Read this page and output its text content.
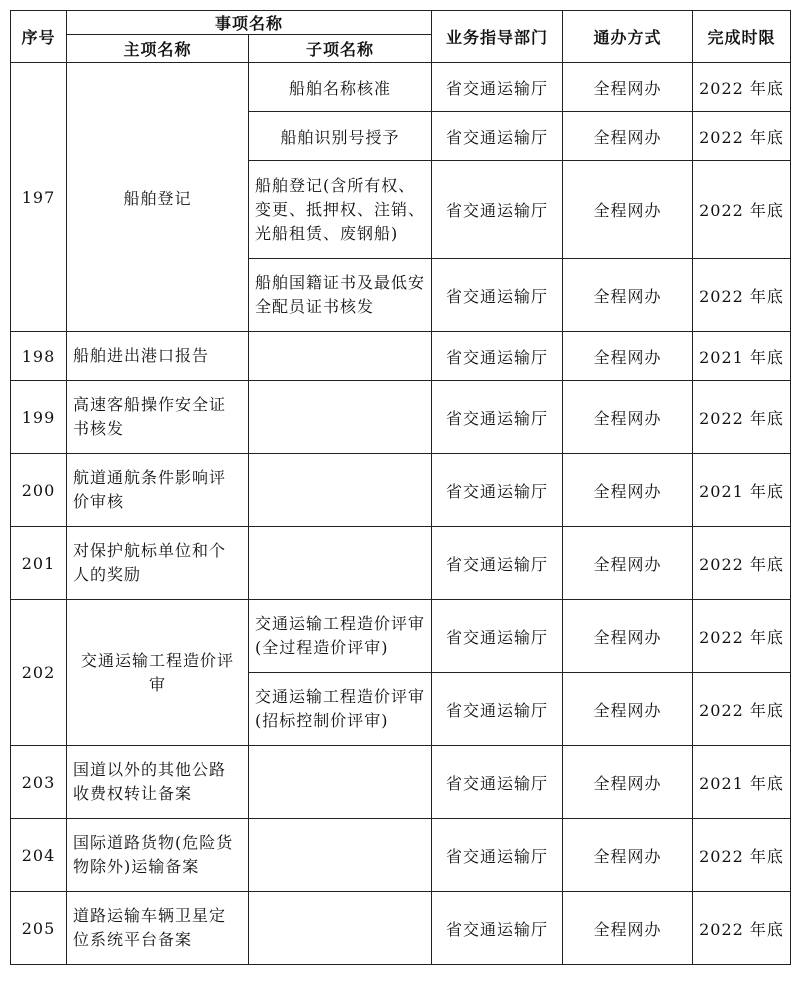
序号	事项名称		业务指导部门	通办方式	完成时限
	主项名称	子项名称			
197	船舶登记	船舶名称核准	省交通运输厅	全程网办	2022 年底
		船舶识别号授予	省交通运输厅	全程网办	2022 年底
		船舶登记(含所有权、变更、抵押权、注销、光船租赁、废钢船)	省交通运输厅	全程网办	2022 年底
		船舶国籍证书及最低安全配员证书核发	省交通运输厅	全程网办	2022 年底
198	船舶进出港口报告		省交通运输厅	全程网办	2021 年底
199	高速客船操作安全证书核发		省交通运输厅	全程网办	2022 年底
200	航道通航条件影响评价审核		省交通运输厅	全程网办	2021 年底
201	对保护航标单位和个人的奖励		省交通运输厅	全程网办	2022 年底
202	交通运输工程造价评审	交通运输工程造价评审(全过程造价评审)	省交通运输厅	全程网办	2022 年底
		交通运输工程造价评审(招标控制价评审)	省交通运输厅	全程网办	2022 年底
203	国道以外的其他公路收费权转让备案		省交通运输厅	全程网办	2021 年底
204	国际道路货物(危险货物除外)运输备案		省交通运输厅	全程网办	2022 年底
205	道路运输车辆卫星定位系统平台备案		省交通运输厅	全程网办	2022 年底
